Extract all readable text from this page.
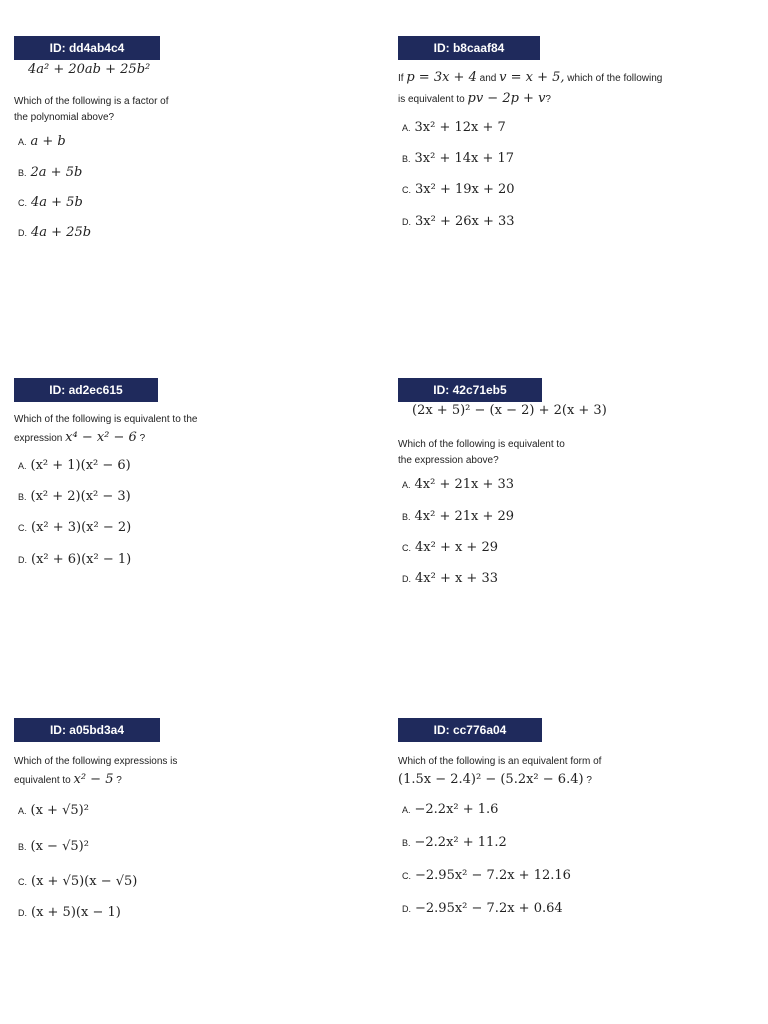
ID: dd4ab4c4
4a² + 20ab + 25b²
Which of the following is a factor of
the polynomial above?
A. a + b
B. 2a + 5b
C. 4a + 5b
D. 4a + 25b
ID: b8caaf84
If p = 3x + 4 and v = x + 5, which of the following
is equivalent to pv − 2p + v?
A. 3x² + 12x + 7
B. 3x² + 14x + 17
C. 3x² + 19x + 20
D. 3x² + 26x + 33
ID: ad2ec615
Which of the following is equivalent to the
expression x⁴ − x² − 6 ?
A. (x² + 1)(x² − 6)
B. (x² + 2)(x² − 3)
C. (x² + 3)(x² − 2)
D. (x² + 6)(x² − 1)
ID: 42c71eb5
(2x + 5)² − (x − 2) + 2(x + 3)
Which of the following is equivalent to
the expression above?
A. 4x² + 21x + 33
B. 4x² + 21x + 29
C. 4x² + x + 29
D. 4x² + x + 33
ID: a05bd3a4
Which of the following expressions is
equivalent to x² − 5 ?
A. (x + √5)²
B. (x − √5)²
C. (x + √5)(x − √5)
D. (x + 5)(x − 1)
ID: cc776a04
Which of the following is an equivalent form of
(1.5x − 2.4)² − (5.2x² − 6.4) ?
A. −2.2x² + 1.6
B. −2.2x² + 11.2
C. −2.95x² − 7.2x + 12.16
D. −2.95x² − 7.2x + 0.64
